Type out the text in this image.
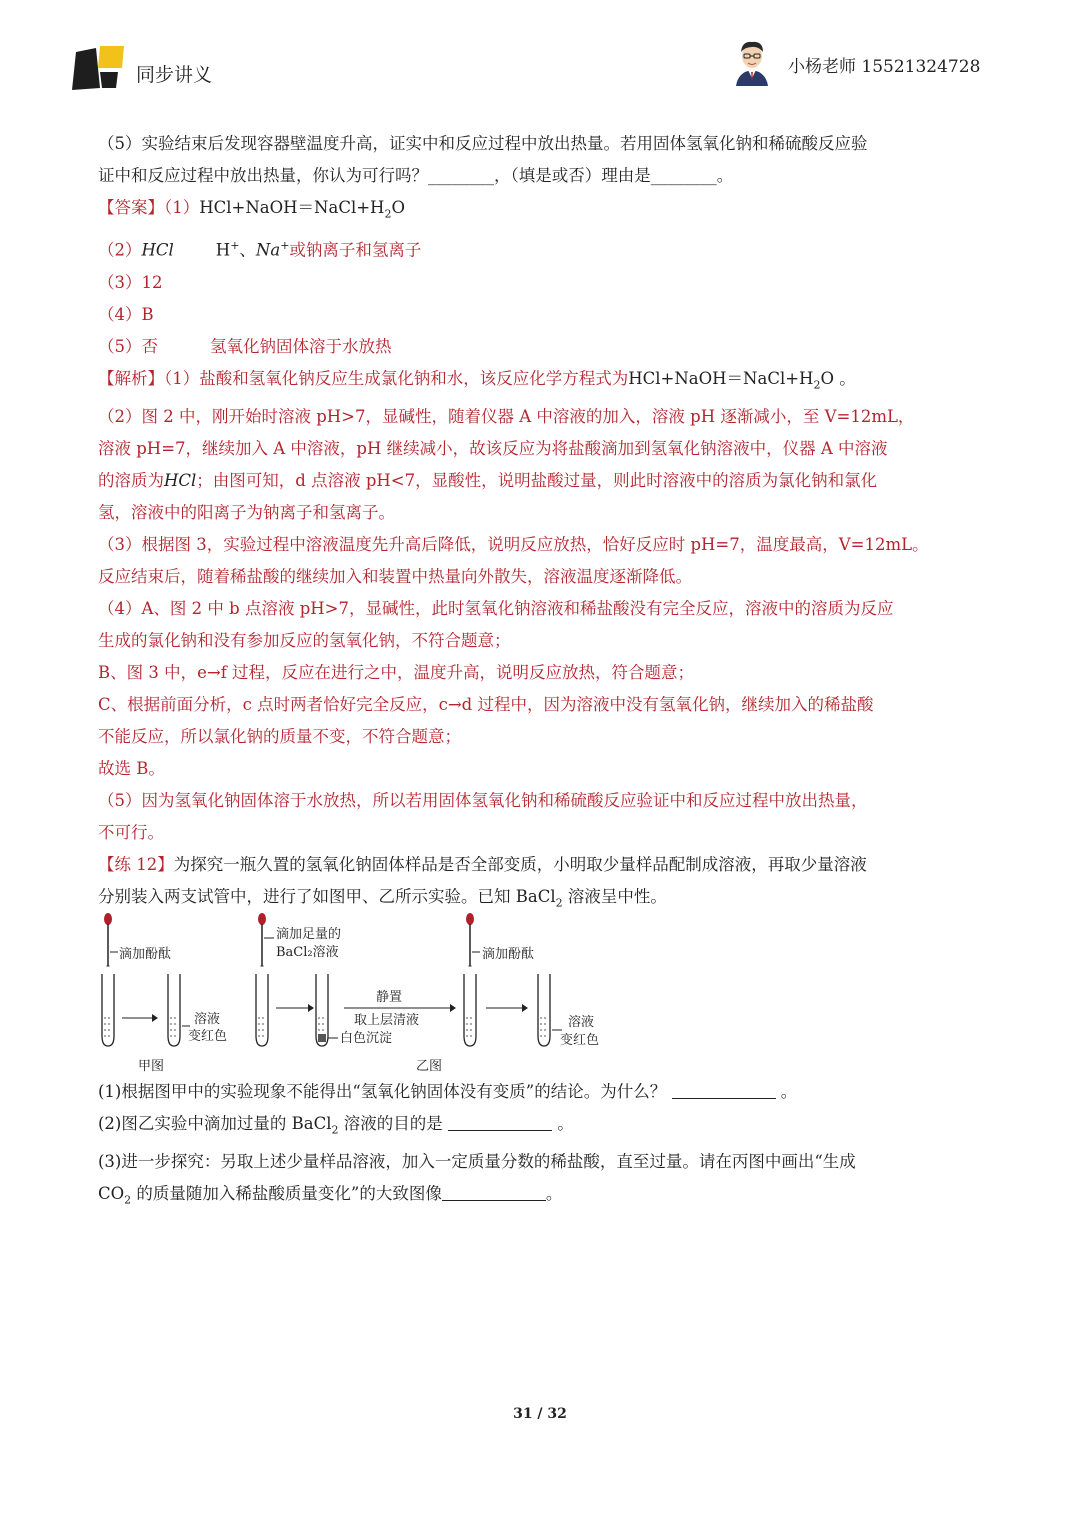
同步讲义	小杨老师 15521324728
（5）实验结束后发现容器壁温度升高，证实中和反应过程中放出热量。若用固体氢氧化钠和稀硫酸反应验
证中和反应过程中放出热量，你认为可行吗？________，（填是或否）理由是________。
【答案】$(1)HCl+NaOH=NaCl+H_2O$
（2）HCl	H+、Na+或钠离子和氢离子
（3）12
（4）B
（5）否	氢氧化钠固体溶于水放热
【解析】（1）盐酸和氢氧化钠反应生成氯化钠和水，该反应化学方程式为$HCl+NaOH=NaCl+H_2O$ 。
（2）图 2 中，刚开始时溶液 pH>7，显碱性，随着仪器 A 中溶液的加入，溶液 pH 逐渐减小，至 V=12mL，
溶液 pH=7，继续加入 A 中溶液，pH 继续减小，故该反应为将盐酸滴加到氢氧化钠溶液中，仪器 A 中溶液
的溶质为HCl；由图可知，d 点溶液 pH<7，显酸性，说明盐酸过量，则此时溶液中的溶质为氯化钠和氯化
氢，溶液中的阳离子为钠离子和氢离子。
（3）根据图 3，实验过程中溶液温度先升高后降低，说明反应放热，恰好反应时 pH=7，温度最高，V=12mL。
反应结束后，随着稀盐酸的继续加入和装置中热量向外散失，溶液温度逐渐降低。
（4）A、图 2 中 b 点溶液 pH>7，显碱性，此时氢氧化钠溶液和稀盐酸没有完全反应，溶液中的溶质为反应
生成的氯化钠和没有参加反应的氢氧化钠，不符合题意；
B、图 3 中，e→f 过程，反应在进行之中，温度升高，说明反应放热，符合题意；
C、根据前面分析，c 点时两者恰好完全反应，c→d 过程中，因为溶液中没有氢氧化钠，继续加入的稀盐酸
不能反应，所以氯化钠的质量不变，不符合题意；
故选 B。
（5）因为氢氧化钠固体溶于水放热，所以若用固体氢氧化钠和稀硫酸反应验证中和反应过程中放出热量，
不可行。
【练 12】为探究一瓶久置的氢氧化钠固体样品是否全部变质，小明取少量样品配制成溶液，再取少量溶液
分别装入两支试管中，进行了如图甲、乙所示实验。已知 BaCl$_2$ 溶液呈中性。
滴加酚酞
溶液
变红色
甲图
滴加足量的
BaCl₂溶液
白色沉淀
静置
取上层清液
滴加酚酞
溶液
变红色
乙图
(1)根据图甲中的实验现象不能得出“氢氧化钠固体没有变质”的结论。为什么？	。
(2)图乙实验中滴加过量的 BaCl$_2$ 溶液的目的是	。
(3)进一步探究：另取上述少量样品溶液，加入一定质量分数的稀盐酸，直至过量。请在丙图中画出“生成
$CO_2$ 的质量随加入稀盐酸质量变化”的大致图像	。
31 / 32
